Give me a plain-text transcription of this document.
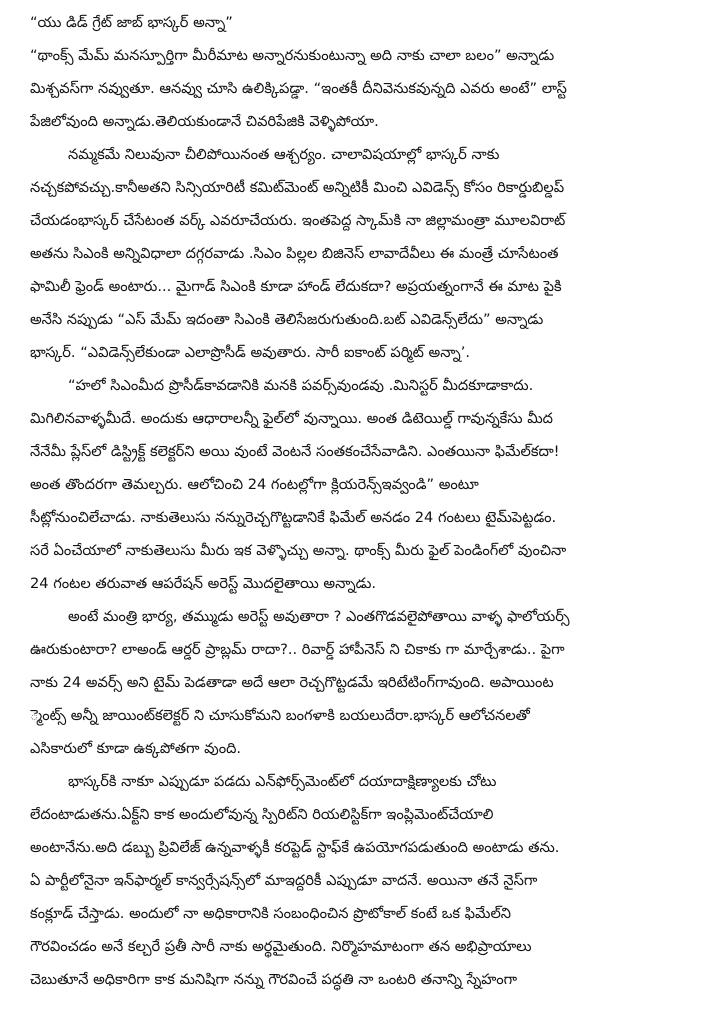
“యు డిడ్ గ్రేట్ జాబ్ భాస్కర్ అన్నా”

“థాంక్స్ మేమ్ మనస్పూర్తిగా మీరీమాట అన్నారనుకుంటున్నా అది నాకు చాలా బలం” అన్నాడు

మిశ్చవస్‌గా నవ్వుతూ. ఆనవ్వు చూసి ఉలిక్కిపడ్డా. “ఇంతకీ దీనివెనుకవున్నది ఎవరు అంటే” లాస్ట్

పేజిలోవుంది అన్నాడు.తెలియకుండానే చివరిపేజికి వెళ్ళిపోయా.

నమ్మకమే నిలువునా చీలిపోయినంత ఆశ్చర్యం. చాలావిషయాల్లో భాస్కర్ నాకు

నచ్చకపోవచ్చు.కానీఅతని సిన్సియారిటీ కమిట్‌మెంట్ అన్నిటికీ మించి ఎవిడెన్స్ కోసం రికార్డుబిల్డప్

చేయడంభాస్కర్ చేసేటంత వర్క్ ఎవరూచేయరు. ఇంతపెద్ద స్కామ్‌కి నా జిల్లామంత్రా మూలవిరాట్

అతను సిఎంకి అన్నివిధాలా దగ్గరవాడు .సిఎం పిల్లల బిజినెస్ లావాదేవీలు ఈ మంత్రే చూసేటంత

ఫామిలీ ఫ్రెండ్ అంటారు... మైగాడ్ సిఎంకి కూడా హాండ్ లేదుకదా? అప్రయత్నంగానే ఈ మాట పైకి

అనేసి నప్పుడు “ఎస్ మేమ్ ఇదంతా సిఎంకి తెలిసేజరుగుతుంది.బట్ ఎవిడెన్స్‌లేదు” అన్నాడు

భాస్కర్. “ఎవిడెన్స్‌లేకుండా ఎలాప్రొసీడ్ అవుతారు. సారీ ఐకాంట్ పర్మిట్ అన్నా’.

“హలో సిఎంమీద ప్రొసీడ్‌కావడానికి మనకి పవర్స్‌వుండవు .మినిస్టర్ మీదకూడాకాదు.

మిగిలినవాళ్ళమీదే. అందుకు ఆధారాలన్నీ ఫైల్‌లో వున్నాయి. అంత డిటెయిల్డ్ గావున్నకేసు మీద

నేనేమీ ప్లేస్‌లో డిస్ట్రిక్ట్ కలెక్టర్‌ని అయి వుంటే వెంటనే సంతకంచేసేవాడిని. ఎంతయినా ఫిమేల్‌కదా!

అంత తొందరగా తెమల్చరు. ఆలోచించి 24 గంటల్లోగా క్లియరెన్స్‌ఇవ్వండి” అంటూ

సీట్లోనుంచిలేచాడు. నాకుతెలుసు నన్నురెచ్చగొట్టడానికే ఫిమేల్ అనడం 24 గంటలు టైమ్‌పెట్టడం.

సరే ఏంచేయాలో నాకుతెలుసు మీరు ఇక వెళ్ళొచ్చు అన్నా. థాంక్స్ మీరు ఫైల్ పెండింగ్‌లో వుంచినా

24 గంటల తరువాత ఆపరేషన్ అరెస్ట్ మొదలైతాయి అన్నాడు.

అంటే మంత్రి భార్య, తమ్ముడు అరెస్ట్ అవుతారా ? ఎంతగొడవలైపోతాయి వాళ్ళ ఫాలోయర్స్

ఊరుకుంటారా? లాఅండ్ ఆర్డర్ ప్రాబ్లమ్ రాదా?.. రివార్డ్ హాపీనెస్ ని చికాకు గా మార్చేశాడు.. పైగా

నాకు 24 అవర్స్ అని టైమ్ పెడతాడా అదే ఆలా రెచ్చగొట్టడమే ఇరిటేటింగ్‌గావుంది. అపాయింట

్మెంట్స్ అన్నీ జాయింట్‌కలెక్టర్ ని చూసుకోమని బంగళాకి బయలుదేరా.భాస్కర్ ఆలోచనలతో

ఎసికారులో కూడా ఉక్కపోతగా వుంది.

భాస్కర్‌కి నాకూ ఎప్పుడూ పడదు ఎన్‌ఫోర్స్‌మెంట్‌లో దయాదాక్షిణ్యాలకు చోటు

లేదంటాడుతను.ఏక్ట్‌ని కాక అందులోవున్న స్పిరిట్‌ని రియలిస్టిక్‌గా ఇంప్లిమెంట్‌చేయాలి

అంటానేను.అది డబ్బు ప్రివిలేజ్ ఉన్నవాళ్ళకీ కరప్టెడ్ స్టాఫ్‌కే ఉపయోగపడుతుంది అంటాడు తను.

ఏ పార్టీలోనైనా ఇన్‌ఫార్మల్ కాన్వర్సేషన్స్‌లో మాఇద్దరికీ ఎప్పుడూ వాదనే. అయినా తనే నైస్‌గా

కంక్లూడ్ చేస్తాడు. అందులో నా అధికారానికి సంబంధించిన ప్రొటోకాల్ కంటే ఒక ఫిమేల్‌ని

గౌరవించడం అనే కల్చరే ప్రతీ సారీ నాకు అర్థమైతుంది. నిర్మొహమాటంగా తన అభిప్రాయాలు

చెబుతూనే అధికారిగా కాక మనిషిగా నన్ను గౌరవించే పద్ధతి నా ఒంటరి తనాన్ని స్నేహంగా
